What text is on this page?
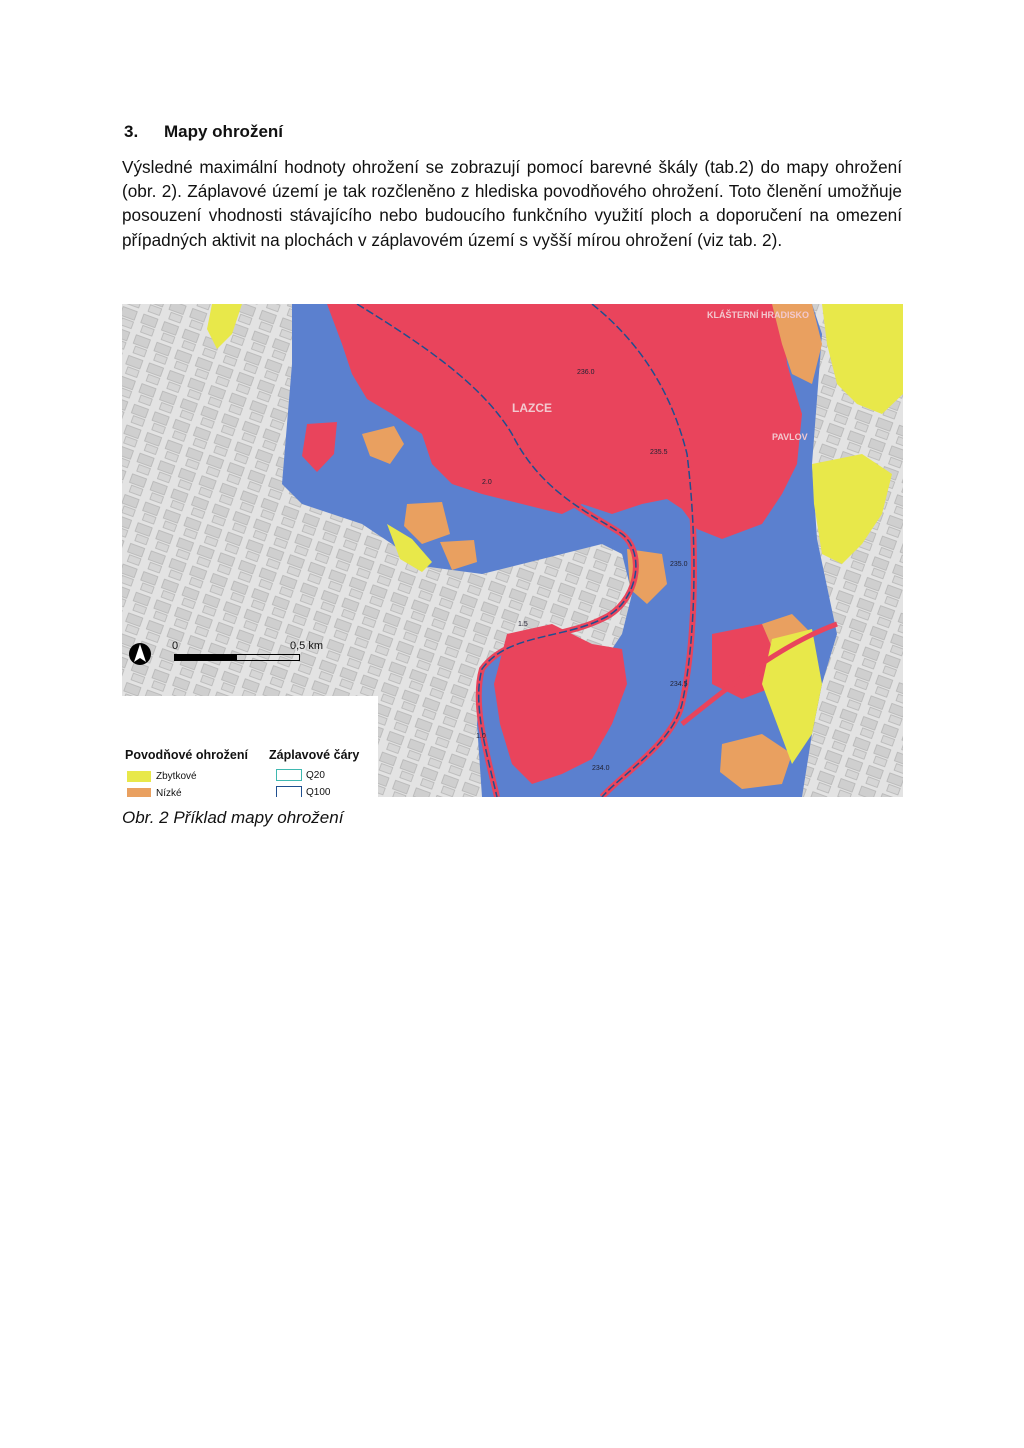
3. Mapy ohrožení

Výsledné maximální hodnoty ohrožení se zobrazují pomocí barevné škály (tab.2) do mapy ohrožení (obr. 2). Záplavové území je tak rozčleněno z hlediska povodňového ohrožení. Toto členění umožňuje posouzení vhodnosti stávajícího nebo budoucího funkčního využití ploch a doporučení na omezení případných aktivit na plochách v záplavovém území s vyšší mírou ohrožení (viz tab. 2).

KLÁŠTERNÍ HRADISKO
LAZCE
PAVLOV
236.0
235.5
235.0
234.5
234.0
1.5
1.0
2.0
Povodňové ohrožení Záplavové čáry
Zbytkové
Nízké
Q20
Q100
0	0,5 km

Obr. 2 Příklad mapy ohrožení
